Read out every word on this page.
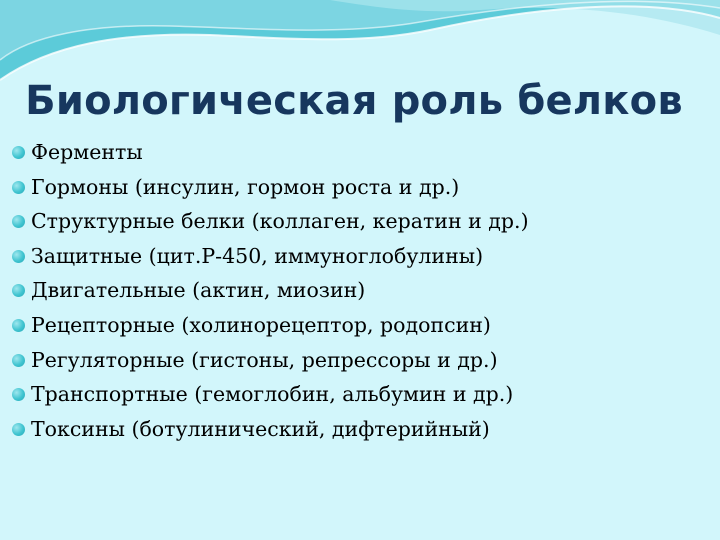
Биологическая роль белков
Ферменты
Гормоны (инсулин, гормон роста и др.)
Структурные белки (коллаген, кератин и др.)
Защитные (цит.Р-450, иммуноглобулины)
Двигательные (актин, миозин)
Рецепторные (холинорецептор, родопсин)
Регуляторные (гистоны, репрессоры и др.)
Транспортные (гемоглобин, альбумин и др.)
Токсины (ботулинический, дифтерийный)
